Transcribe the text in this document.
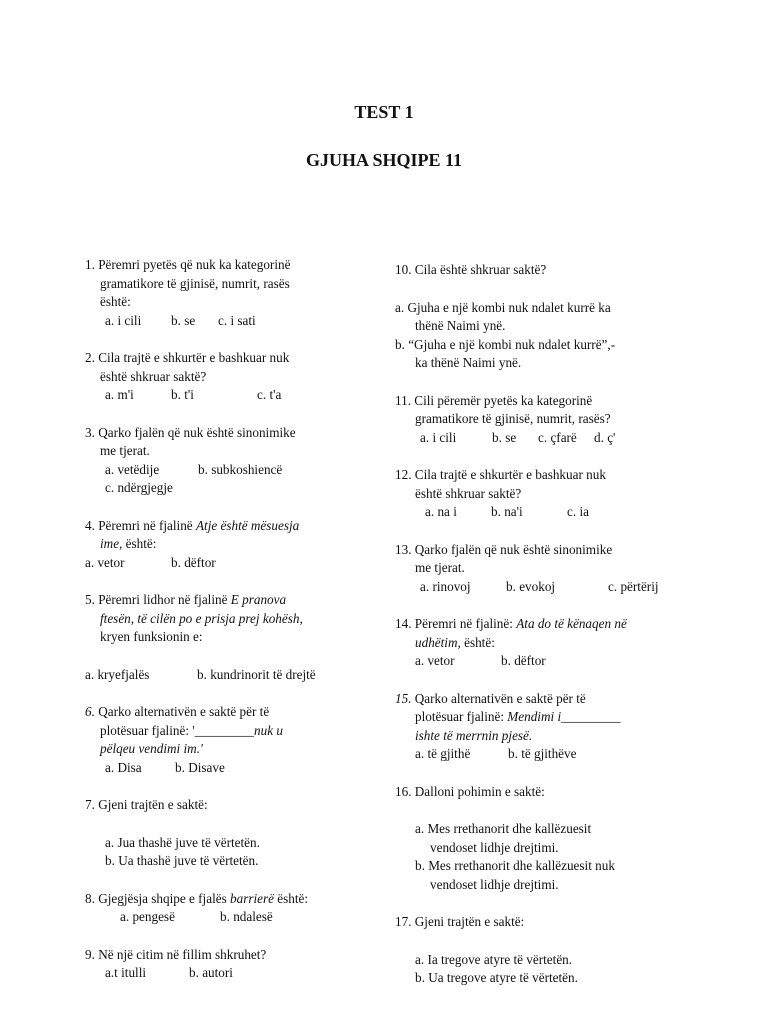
TEST 1
GJUHA SHQIPE 11
1. Përemri pyetës që nuk ka kategorinë
gramatikore të gjinisë, numrit, rasës
është:
a. i cili b. se c. i sati
2. Cila trajtë e shkurtër e bashkuar nuk
është shkruar saktë?
a. m'i	b. t'i	c. t'a
3. Qarko fjalën që nuk është sinonimike
me tjerat.
a. vetëdije	b. subkoshiencë
c. ndërgjegje
4. Përemri në fjalinë Atje është mësuesja
ime, është:
a. vetor	b. dëftor
5. Përemri lidhor në fjalinë E pranova
ftesën, të cilën po e prisja prej kohësh,
kryen funksionin e:
a. kryefjalës	b. kundrinorit të drejtë
6. Qarko alternativën e saktë për të
plotësuar fjalinë: '_________nuk u
pëlqeu vendimi im.'
a. Disa	b. Disave
7. Gjeni trajtën e saktë:
a. Jua thashë juve të vërtetën.
b. Ua thashë juve të vërtetën.
8. Gjegjësja shqipe e fjalës barrierë është:
a. pengesë	b. ndalesë
9. Në një citim në fillim shkruhet?
a.t itulli	b. autori
10. Cila është shkruar saktë?
a. Gjuha e një kombi nuk ndalet kurrë ka
thënë Naimi ynë.
b. “Gjuha e një kombi nuk ndalet kurrë”,-
ka thënë Naimi ynë.
11. Cili përemër pyetës ka kategorinë
gramatikore të gjinisë, numrit, rasës?
a. i cili	b. se c. çfarë d. ç'
12. Cila trajtë e shkurtër e bashkuar nuk
është shkruar saktë?
a. na i	b. na'i	c. ia
13. Qarko fjalën që nuk është sinonimike
me tjerat.
a. rinovoj	b. evokoj	c. përtërij
14. Përemri në fjalinë: Ata do të kënaqen në
udhëtim, është:
a. vetor	b. dëftor
15. Qarko alternativën e saktë për të
plotësuar fjalinë: Mendimi i_________
ishte të merrnin pjesë.
a. të gjithë	b. të gjithëve
16. Dalloni pohimin e saktë:
a. Mes rrethanorit dhe kallëzuesit
vendoset lidhje drejtimi.
b. Mes rrethanorit dhe kallëzuesit nuk
vendoset lidhje drejtimi.
17. Gjeni trajtën e saktë:
a. Ia tregove atyre të vërtetën.
b. Ua tregove atyre të vërtetën.
